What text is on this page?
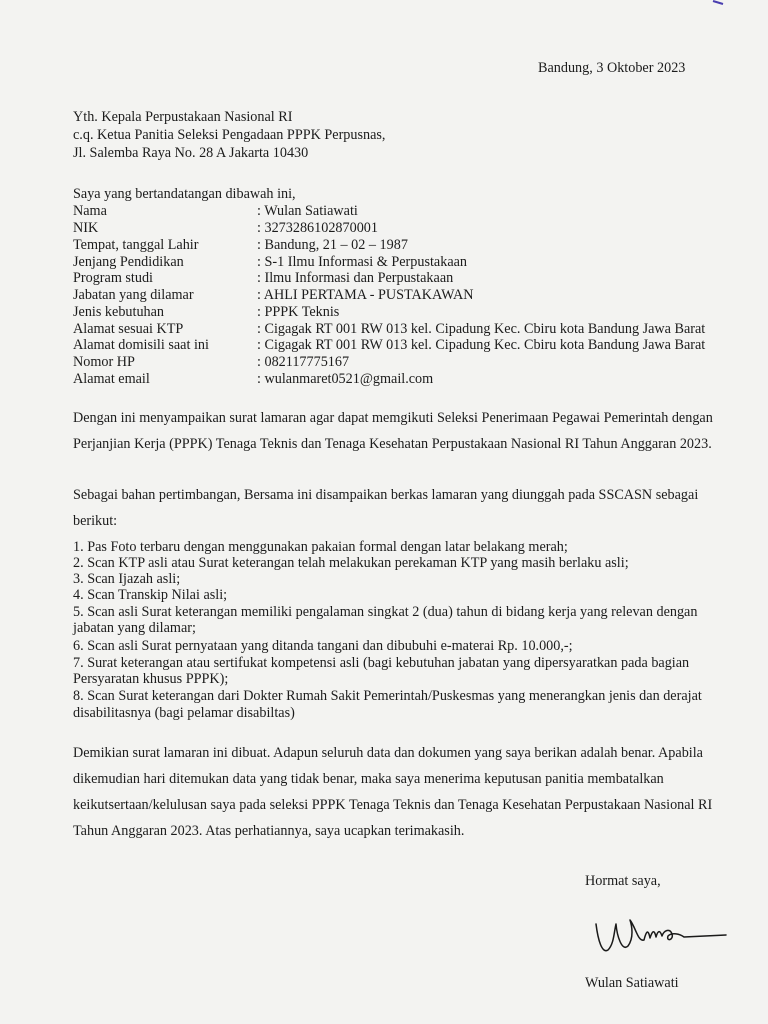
Bandung, 3 Oktober 2023
Yth. Kepala Perpustakaan Nasional RI
c.q. Ketua Panitia Seleksi Pengadaan PPPK Perpusnas,
Jl. Salemba Raya No. 28 A Jakarta 10430
Saya yang bertandatangan dibawah ini,
Nama	: Wulan Satiawati
NIK	: 3273286102870001
Tempat, tanggal Lahir	: Bandung, 21 – 02 – 1987
Jenjang Pendidikan	: S-1 Ilmu Informasi & Perpustakaan
Program studi	: Ilmu Informasi dan Perpustakaan
Jabatan yang dilamar	: AHLI PERTAMA - PUSTAKAWAN
Jenis kebutuhan	: PPPK Teknis
Alamat sesuai KTP	: Cigagak RT 001 RW 013 kel. Cipadung Kec. Cbiru kota Bandung Jawa Barat
Alamat domisili saat ini	: Cigagak RT 001 RW 013 kel. Cipadung Kec. Cbiru kota Bandung Jawa Barat
Nomor HP	: 082117775167
Alamat email	: wulanmaret0521@gmail.com
Dengan ini menyampaikan surat lamaran agar dapat memgikuti Seleksi Penerimaan Pegawai Pemerintah dengan
Perjanjian Kerja (PPPK) Tenaga Teknis dan Tenaga Kesehatan Perpustakaan Nasional RI Tahun Anggaran 2023.
Sebagai bahan pertimbangan, Bersama ini disampaikan berkas lamaran yang diunggah pada SSCASN sebagai
berikut:
1. Pas Foto terbaru dengan menggunakan pakaian formal dengan latar belakang merah;
2. Scan KTP asli atau Surat keterangan telah melakukan perekaman KTP yang masih berlaku asli;
3. Scan Ijazah asli;
4. Scan Transkip Nilai asli;
5. Scan asli Surat keterangan memiliki pengalaman singkat 2 (dua) tahun di bidang kerja yang relevan dengan
jabatan yang dilamar;
6. Scan asli Surat pernyataan yang ditanda tangani dan dibubuhi e-materai Rp. 10.000,-;
7. Surat keterangan atau sertifukat kompetensi asli (bagi kebutuhan jabatan yang dipersyaratkan pada bagian
Persyaratan khusus PPPK);
8. Scan Surat keterangan dari Dokter Rumah Sakit Pemerintah/Puskesmas yang menerangkan jenis dan derajat
disabilitasnya (bagi pelamar disabiltas)
Demikian surat lamaran ini dibuat. Adapun seluruh data dan dokumen yang saya berikan adalah benar. Apabila
dikemudian hari ditemukan data yang tidak benar, maka saya menerima keputusan panitia membatalkan
keikutsertaan/kelulusan saya pada seleksi PPPK Tenaga Teknis dan Tenaga Kesehatan Perpustakaan Nasional RI
Tahun Anggaran 2023. Atas perhatiannya, saya ucapkan terimakasih.
Hormat saya,
Wulan Satiawati
